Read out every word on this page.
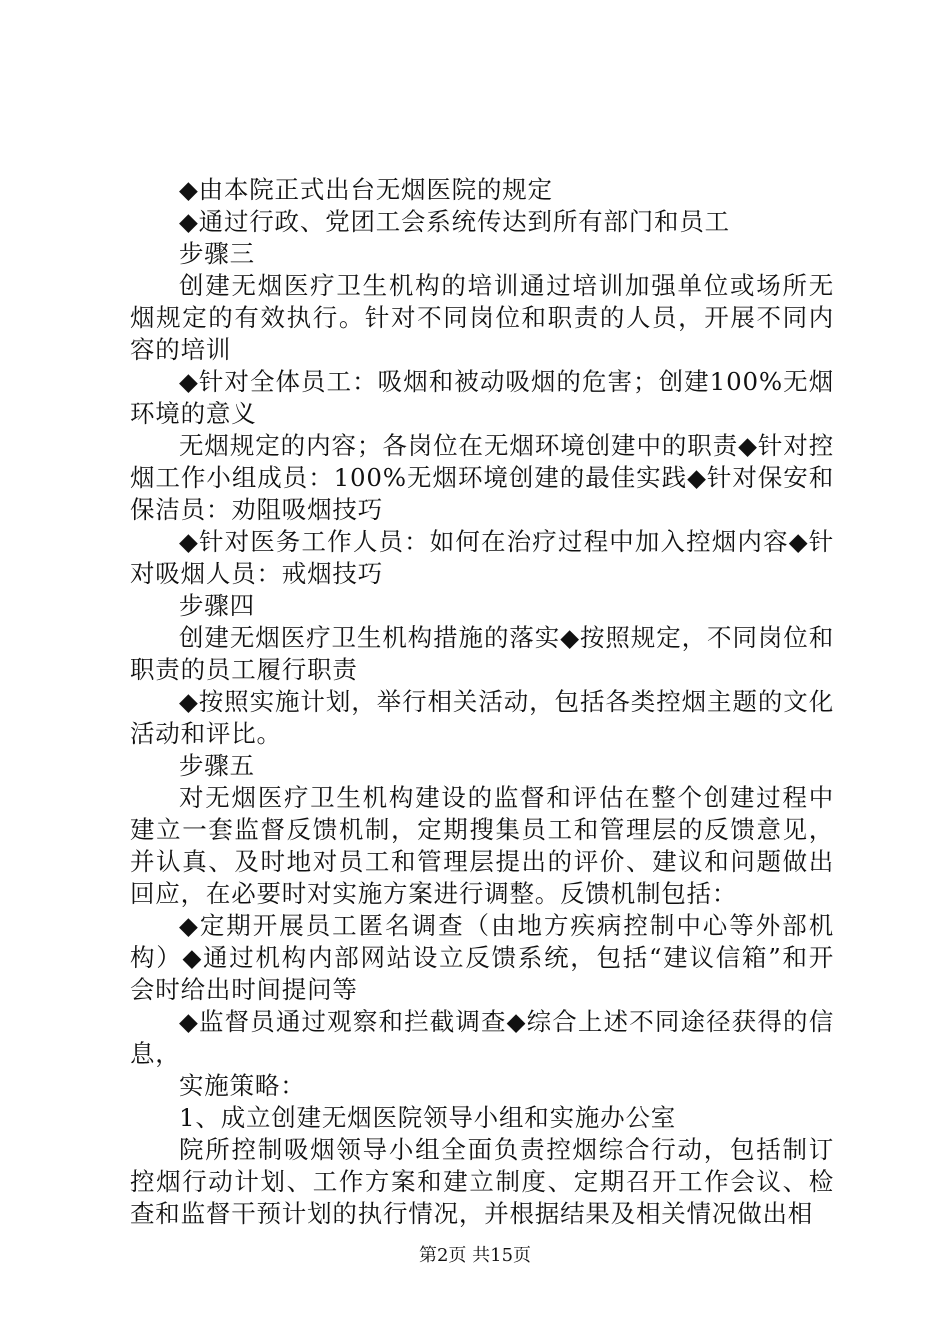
◆由本院正式出台无烟医院的规定

◆通过行政、党团工会系统传达到所有部门和员工

步骤三

创建无烟医疗卫生机构的培训通过培训加强单位或场所无烟规定的有效执行。针对不同岗位和职责的人员，开展不同内容的培训

◆针对全体员工：吸烟和被动吸烟的危害；创建100%无烟环境的意义

无烟规定的内容；各岗位在无烟环境创建中的职责◆针对控烟工作小组成员：100%无烟环境创建的最佳实践◆针对保安和保洁员：劝阻吸烟技巧

◆针对医务工作人员：如何在治疗过程中加入控烟内容◆针对吸烟人员：戒烟技巧

步骤四

创建无烟医疗卫生机构措施的落实◆按照规定，不同岗位和职责的员工履行职责

◆按照实施计划，举行相关活动，包括各类控烟主题的文化活动和评比。

步骤五

对无烟医疗卫生机构建设的监督和评估在整个创建过程中建立一套监督反馈机制，定期搜集员工和管理层的反馈意见，并认真、及时地对员工和管理层提出的评价、建议和问题做出回应，在必要时对实施方案进行调整。反馈机制包括：

◆定期开展员工匿名调查（由地方疾病控制中心等外部机构）◆通过机构内部网站设立反馈系统，包括“建议信箱”和开会时给出时间提问等

◆监督员通过观察和拦截调查◆综合上述不同途径获得的信息，

实施策略：

1、成立创建无烟医院领导小组和实施办公室

院所控制吸烟领导小组全面负责控烟综合行动，包括制订控烟行动计划、工作方案和建立制度、定期召开工作会议、检查和监督干预计划的执行情况，并根据结果及相关情况做出相

第2页 共15页
